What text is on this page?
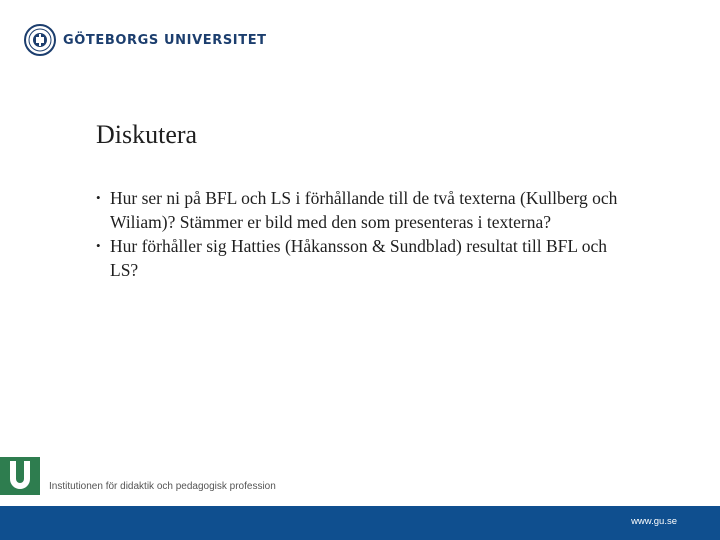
GÖTEBORGS UNIVERSITET
Diskutera
• Hur ser ni på BFL och LS i förhållande till de två texterna (Kullberg och Wiliam)? Stämmer er bild med den som presenteras i texterna?
• Hur förhåller sig Hatties (Håkansson & Sundblad) resultat till BFL och LS?
Institutionen för didaktik och pedagogisk profession
www.gu.se
